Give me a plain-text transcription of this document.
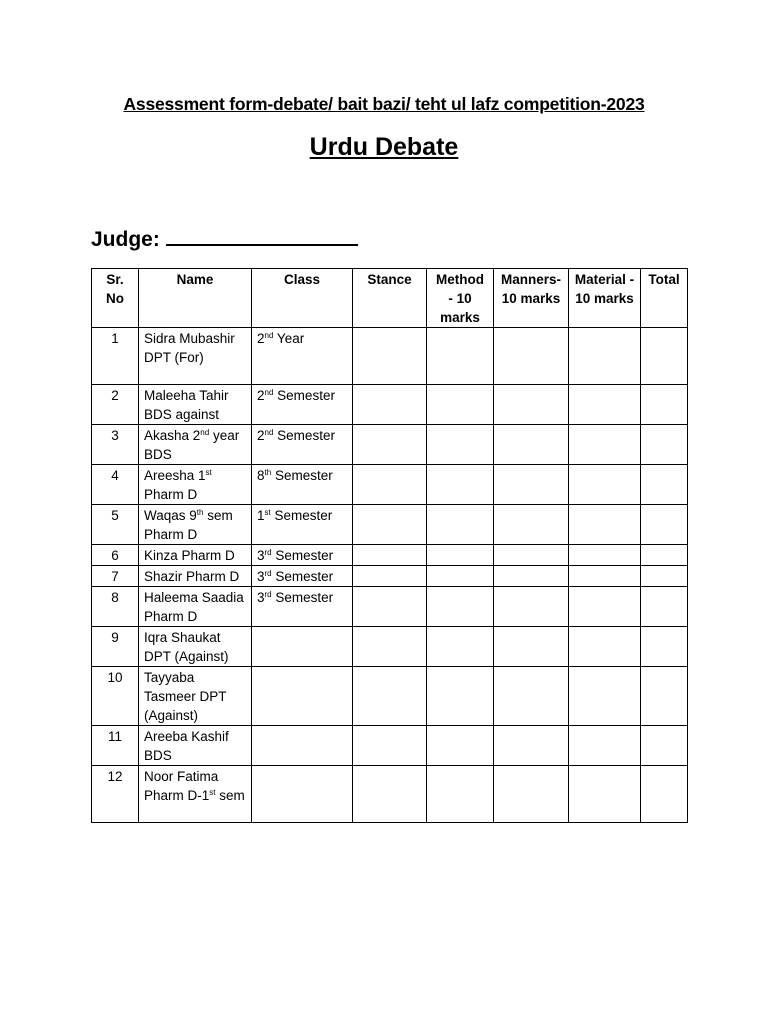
Assessment form-debate/ bait bazi/ teht ul lafz competition-2023
Urdu Debate
Judge:
Sr. No	Name	Class	Stance	Method - 10 marks	Manners- 10 marks	Material - 10 marks	Total
1	Sidra Mubashir DPT (For)	2nd Year					
2	Maleeha Tahir BDS against	2nd Semester					
3	Akasha 2nd year BDS	2nd Semester					
4	Areesha 1st Pharm D	8th Semester					
5	Waqas 9th sem Pharm D	1st Semester					
6	Kinza Pharm D	3rd Semester					
7	Shazir Pharm D	3rd Semester					
8	Haleema Saadia Pharm D	3rd Semester					
9	Iqra Shaukat DPT (Against)						
10	Tayyaba Tasmeer DPT (Against)						
11	Areeba Kashif BDS						
12	Noor Fatima Pharm D-1st sem						
